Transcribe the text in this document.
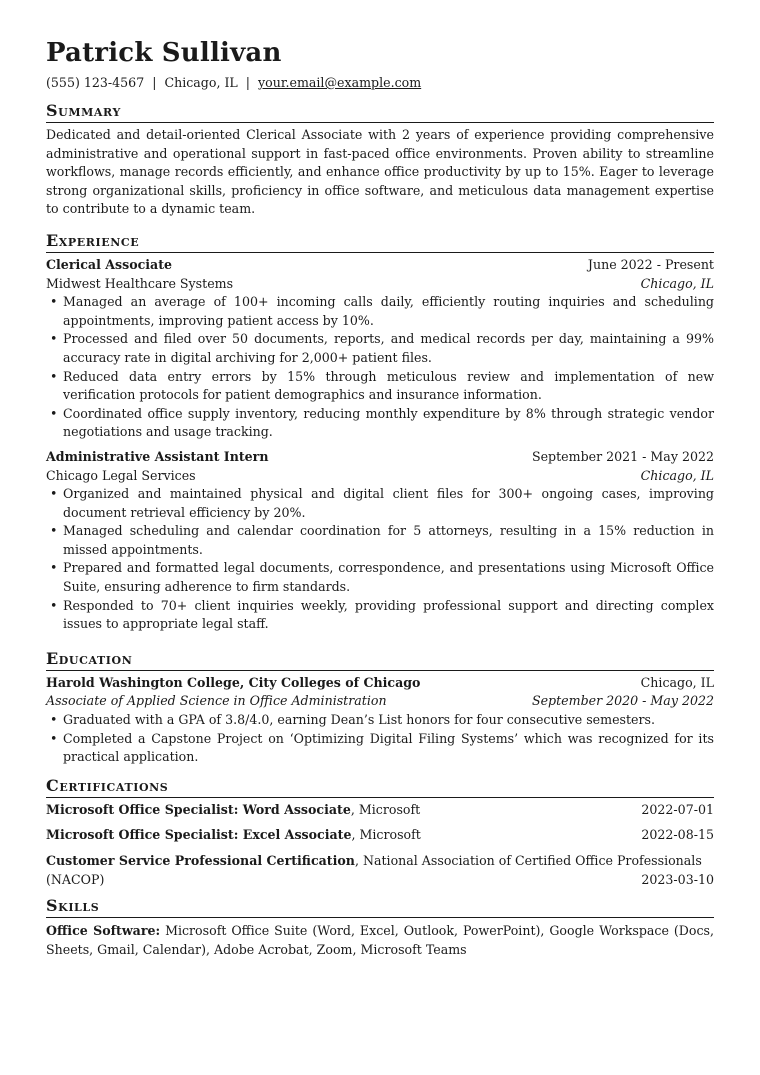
Patrick Sullivan
(555) 123-4567 | Chicago, IL | your.email@example.com
Summary
Dedicated and detail-oriented Clerical Associate with 2 years of experience providing comprehensive administrative and operational support in fast-paced office environments. Proven ability to streamline workflows, manage records efficiently, and enhance office productivity by up to 15%. Eager to leverage strong organizational skills, proficiency in office software, and meticulous data management expertise to contribute to a dynamic team.
Experience
Clerical Associate	June 2022 - Present
Midwest Healthcare Systems	Chicago, IL
• Managed an average of 100+ incoming calls daily, efficiently routing inquiries and scheduling appointments, improving patient access by 10%.
• Processed and filed over 50 documents, reports, and medical records per day, maintaining a 99% accuracy rate in digital archiving for 2,000+ patient files.
• Reduced data entry errors by 15% through meticulous review and implementation of new verification protocols for patient demographics and insurance information.
• Coordinated office supply inventory, reducing monthly expenditure by 8% through strategic vendor negotiations and usage tracking.
Administrative Assistant Intern	September 2021 - May 2022
Chicago Legal Services	Chicago, IL
• Organized and maintained physical and digital client files for 300+ ongoing cases, improving document retrieval efficiency by 20%.
• Managed scheduling and calendar coordination for 5 attorneys, resulting in a 15% reduction in missed appointments.
• Prepared and formatted legal documents, correspondence, and presentations using Microsoft Office Suite, ensuring adherence to firm standards.
• Responded to 70+ client inquiries weekly, providing professional support and directing complex issues to appropriate legal staff.
Education
Harold Washington College, City Colleges of Chicago	Chicago, IL
Associate of Applied Science in Office Administration	September 2020 - May 2022
• Graduated with a GPA of 3.8/4.0, earning Dean’s List honors for four consecutive semesters.
• Completed a Capstone Project on ‘Optimizing Digital Filing Systems’ which was recognized for its practical application.
Certifications
Microsoft Office Specialist: Word Associate, Microsoft	2022-07-01
Microsoft Office Specialist: Excel Associate, Microsoft	2022-08-15
Customer Service Professional Certification, National Association of Certified Office Professionals
(NACOP)	2023-03-10
Skills
Office Software: Microsoft Office Suite (Word, Excel, Outlook, PowerPoint), Google Workspace (Docs, Sheets, Gmail, Calendar), Adobe Acrobat, Zoom, Microsoft Teams
